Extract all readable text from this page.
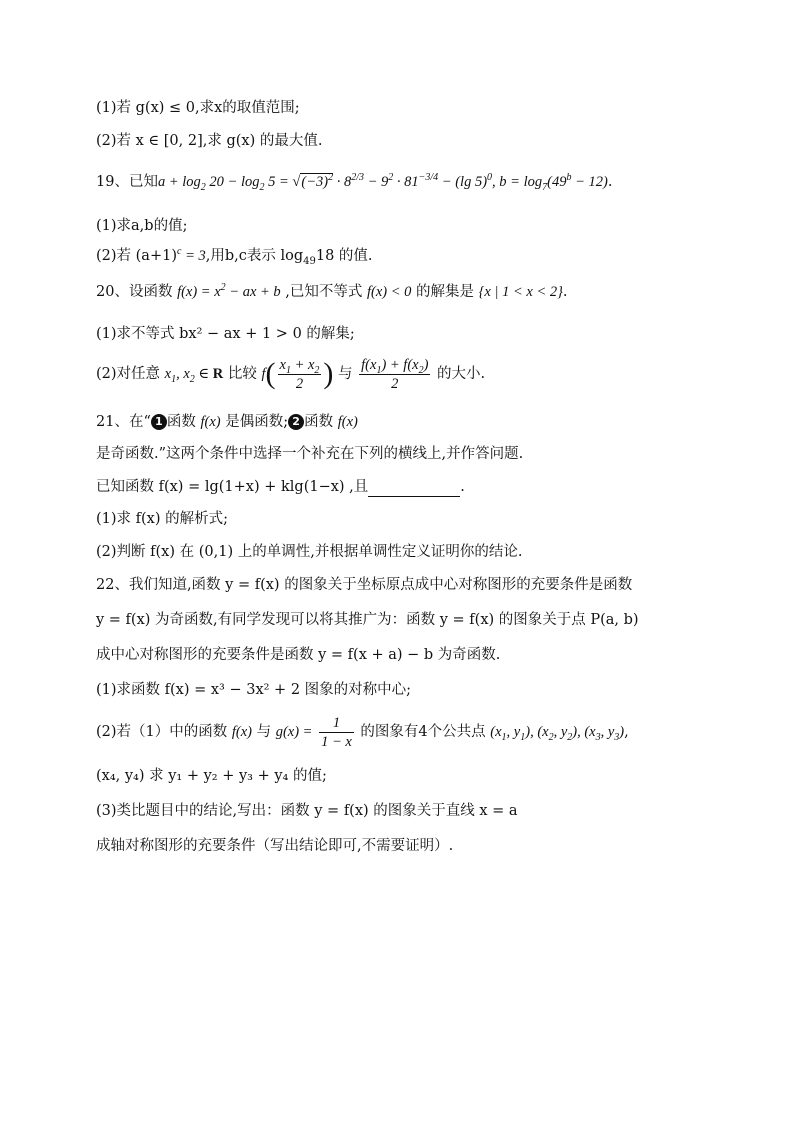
(1)若 g(x) ≤ 0,求x的取值范围;
(2)若 x ∈ [0, 2],求 g(x) 的最大值.
19、已知$a + \log_2 20 - \log_2 5 = √(-3)^2 \cdot 8^{2/3} - 9^2 \cdot 81^{-3/4} - (\lg$ 5)$^0$, $b = \log_7(49^b - 12)$.
(1)求a,b的值;
(2)若 $(a+1)^c = 3$,用b,c表示 $\log_{49}18$ 的值.
20、设函数 $f(x) = x^2$ − ax + b ,已知不等式 f(x) < 0 的解集是 {x | 1 < x < 2}.
(1)求不等式 bx² − ax + 1 > 0 的解集;
(2)对任意 $x_1$, $x_2$ ∈ R 比较 $f( \frac{x_1 + x_2}{2}$ ) 与 $\frac{f(x_1) + f(x_2)}{2}$ 的大小.
21、在“ 1 函数 f(x) 是偶函数; 2 函数 f(x)
是奇函数.”这两个条件中选择一个补充在下列的横线上,并作答问题.
已知函数 f(x) = lg(1+x) + klg(1−x) ,且	.
(1)求 f(x) 的解析式;
(2)判断 f(x) 在 (0,1) 上的单调性,并根据单调性定义证明你的结论.
22、我们知道,函数 y = f(x) 的图象关于坐标原点成中心对称图形的充要条件是函数
y = f(x) 为奇函数,有同学发现可以将其推广为：函数 y = f(x) 的图象关于点 P(a, b)
成中心对称图形的充要条件是函数 y = f(x + a) − b 为奇函数.
(1)求函数 f(x) = x³ − 3x² + 2 图象的对称中心;
(2)若（1）中的函数 f(x) 与 $g(x) = \frac{1}{1 - x}$ 的图象有4个公共点 ($x_1$, $y_1$), ($x_2$, $y_2$), ($x_3$, $y_3$),
(x₄, y₄) 求 y₁ + y₂ + y₃ + y₄ 的值;
(3)类比题目中的结论,写出：函数 y = f(x) 的图象关于直线 x = a
成轴对称图形的充要条件（写出结论即可,不需要证明）.
